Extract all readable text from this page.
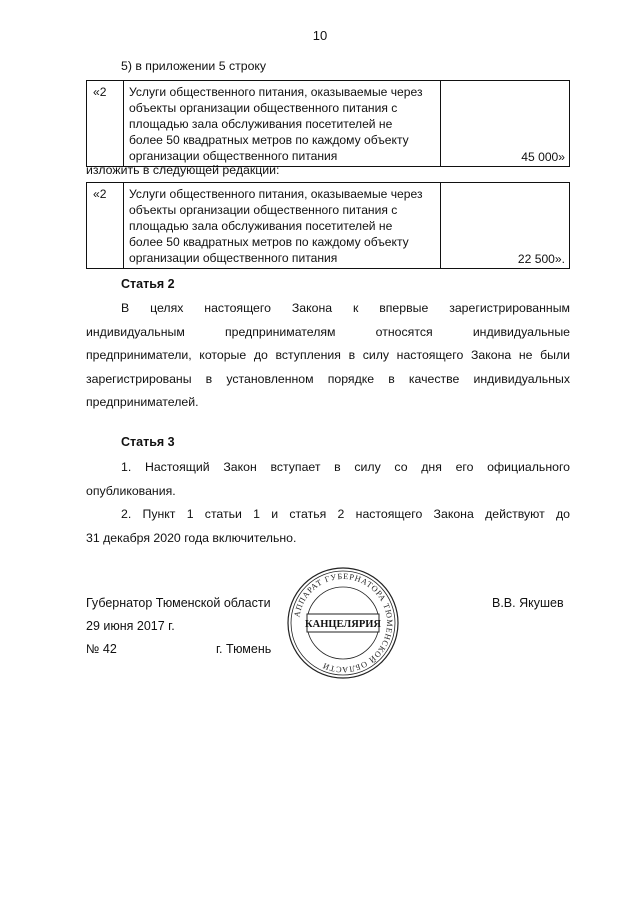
10
5) в приложении 5 строку
«2	Услуги общественного питания, оказываемые через
объекты организации общественного питания с
площадью зала обслуживания посетителей не
более 50 квадратных метров по каждому объекту
организации общественного питания	45 000»
изложить в следующей редакции:
«2	Услуги общественного питания, оказываемые через
объекты организации общественного питания с
площадью зала обслуживания посетителей не
более 50 квадратных метров по каждому объекту
организации общественного питания	22 500».
Статья 2
В целях настоящего Закона к впервые зарегистрированным
индивидуальным предпринимателям относятся индивидуальные
предприниматели, которые до вступления в силу настоящего Закона не были
зарегистрированы в установленном порядке в качестве индивидуальных
предпринимателей.
Статья 3
1. Настоящий Закон вступает в силу со дня его официального
опубликования.
2. Пункт 1 статьи 1 и статья 2 настоящего Закона действуют до
31 декабря 2020 года включительно.
Губернатор Тюменской области	В.В. Якушев
29 июня 2017 г.
№ 42	г. Тюмень
АППАРАТ ГУБЕРНАТОРА ТЮМЕНСКОЙ ОБЛАСТИ
КАНЦЕЛЯРИЯ
